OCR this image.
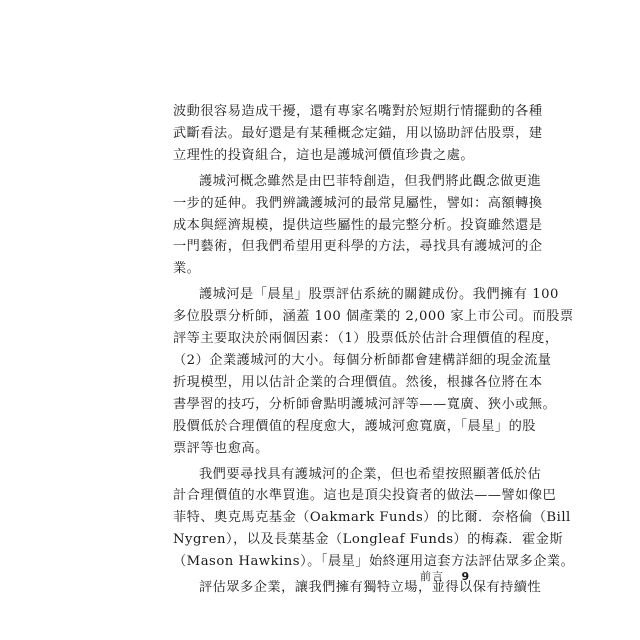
波動很容易造成干擾，還有專家名嘴對於短期行情擺動的各種
武斷看法。最好還是有某種概念定錨，用以協助評估股票，建
立理性的投資組合，這也是護城河價值珍貴之處。
護城河概念雖然是由巴菲特創造，但我們將此觀念做更進
一步的延伸。我們辨識護城河的最常見屬性，譬如：高額轉換
成本與經濟規模，提供這些屬性的最完整分析。投資雖然還是
一門藝術，但我們希望用更科學的方法，尋找具有護城河的企
業。
護城河是「晨星」股票評估系統的關鍵成份。我們擁有 100
多位股票分析師，涵蓋 100 個產業的 2,000 家上市公司。而股票
評等主要取決於兩個因素：（1）股票低於估計合理價值的程度，
（2）企業護城河的大小。每個分析師都會建構詳細的現金流量
折現模型，用以估計企業的合理價值。然後，根據各位將在本
書學習的技巧，分析師會點明護城河評等——寬廣、狹小或無。
股價低於合理價值的程度愈大，護城河愈寬廣，「晨星」的股
票評等也愈高。
我們要尋找具有護城河的企業，但也希望按照顯著低於估
計合理價值的水準買進。這也是頂尖投資者的做法——譬如像巴
菲特、奧克馬克基金（Oakmark Funds）的比爾．奈格倫（Bill
Nygren），以及長葉基金（Longleaf Funds）的梅森．霍金斯
（Mason Hawkins）。「晨星」始終運用這套方法評估眾多企業。
評估眾多企業，讓我們擁有獨特立場，並得以保有持續性
前言 9
